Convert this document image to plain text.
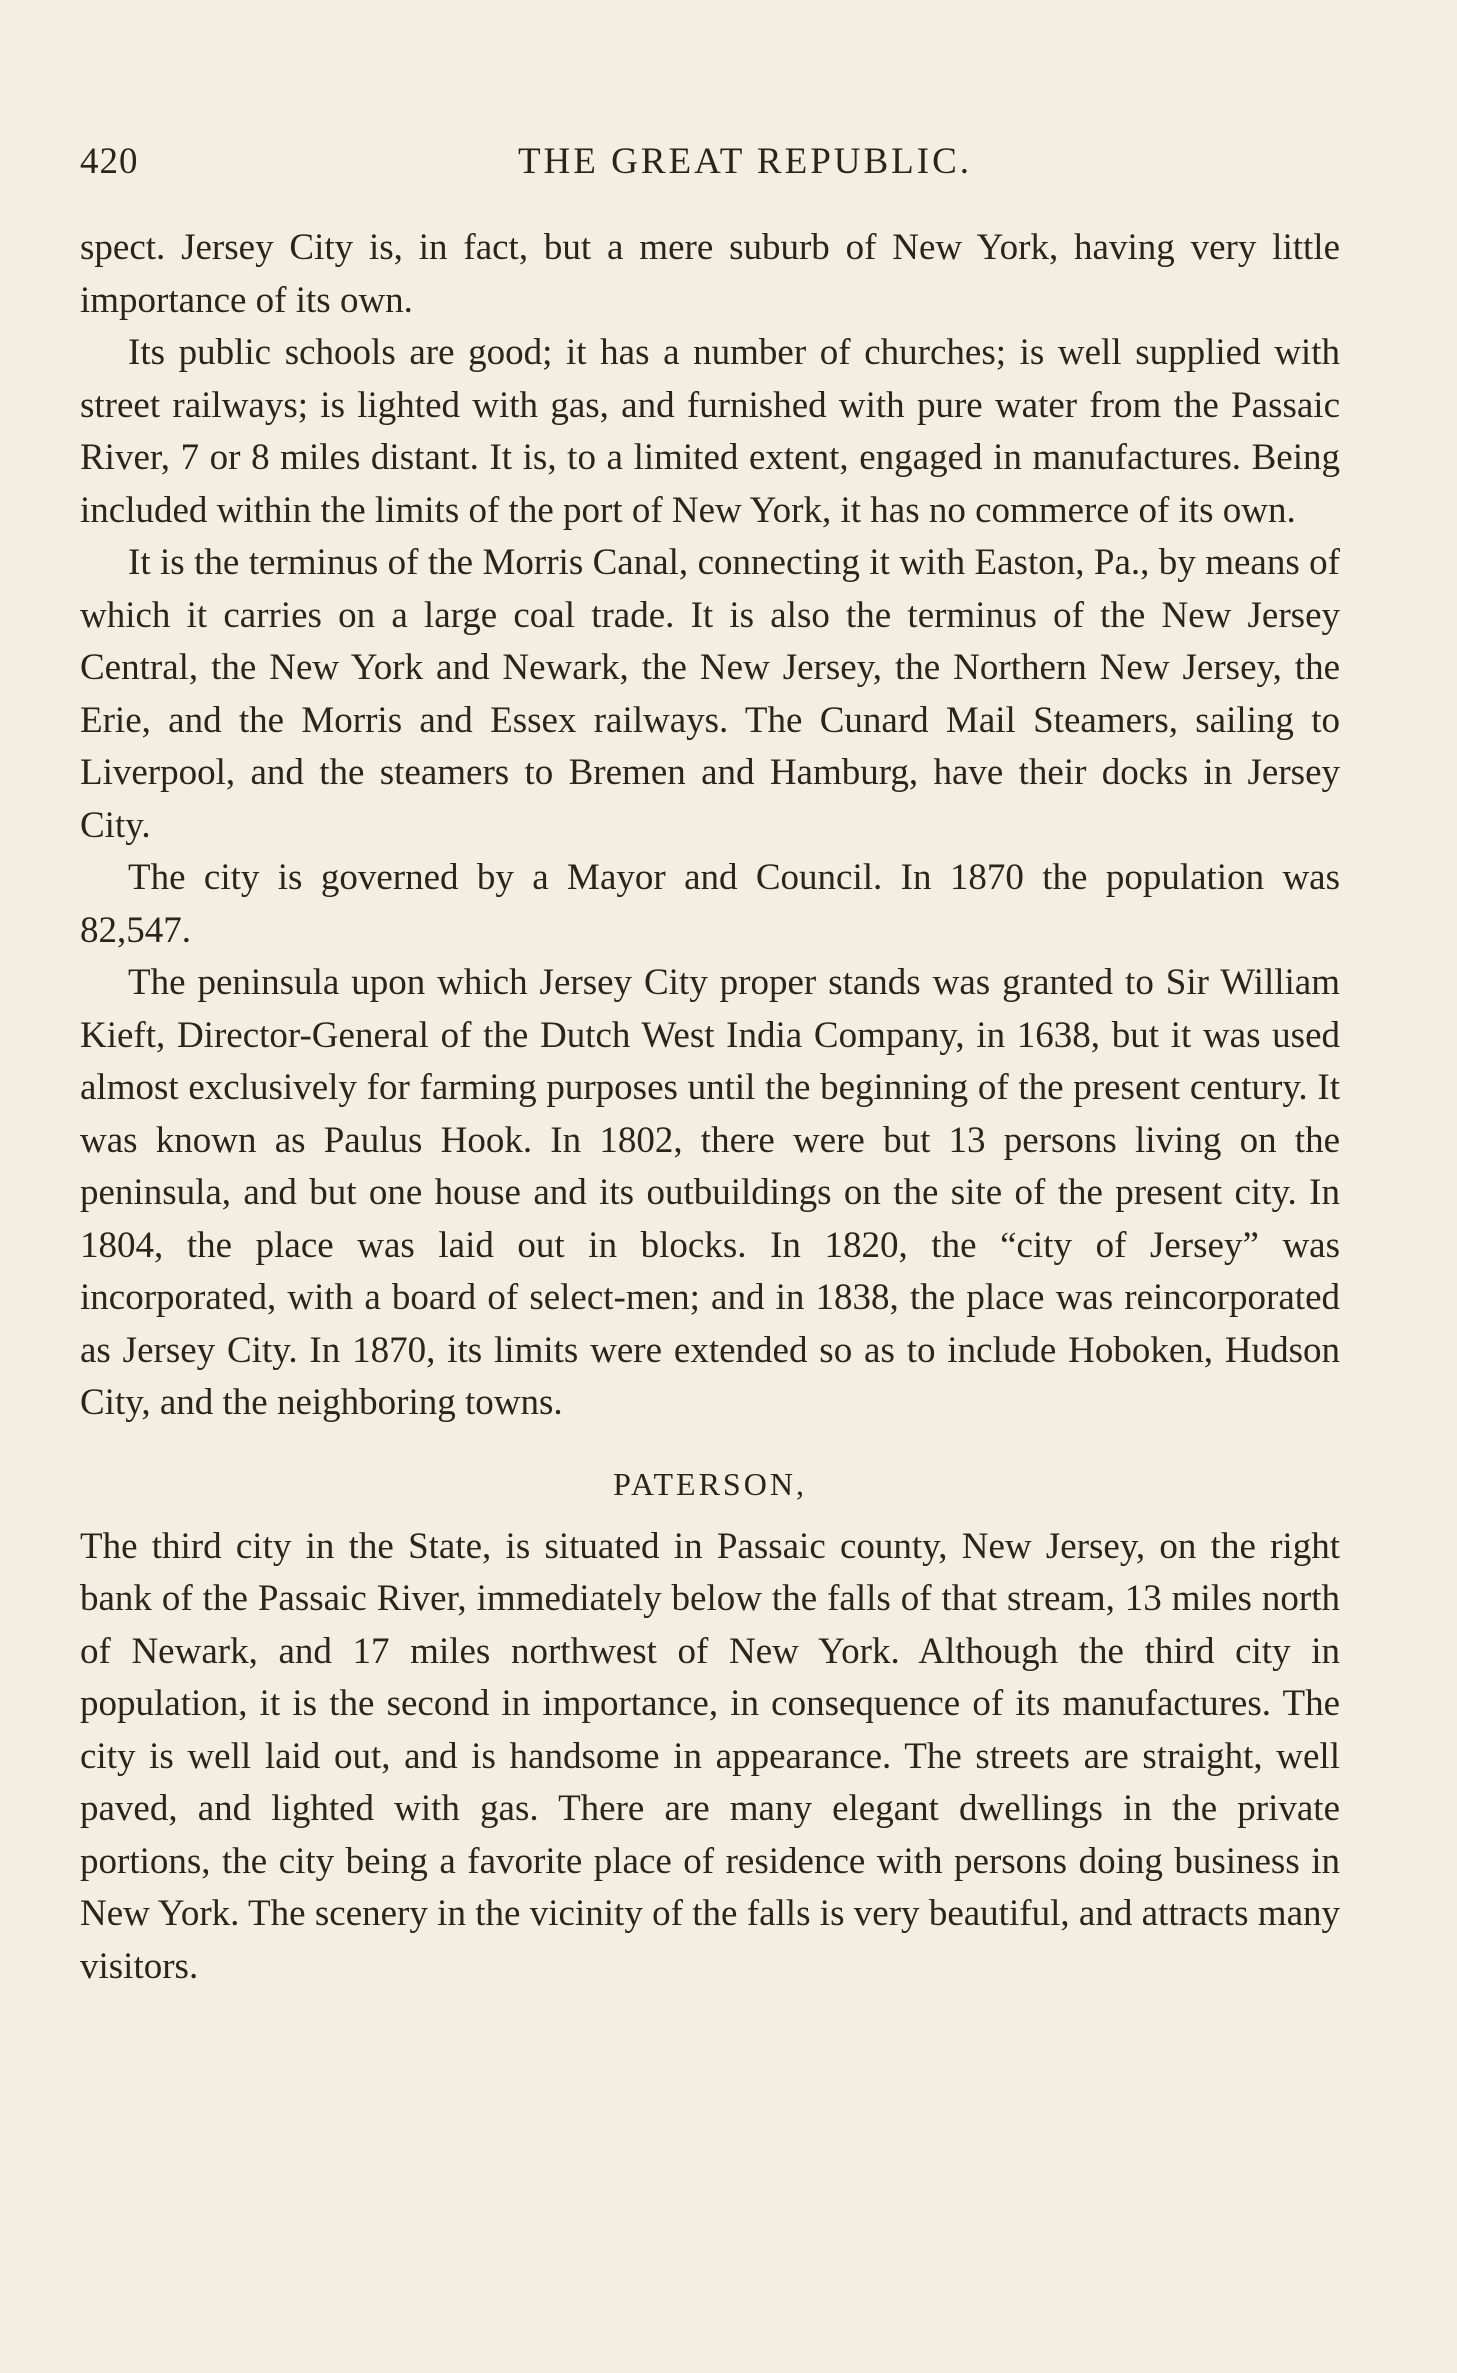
420	THE GREAT REPUBLIC.

spect. Jersey City is, in fact, but a mere suburb of New York, having very little importance of its own.

Its public schools are good; it has a number of churches; is well supplied with street railways; is lighted with gas, and furnished with pure water from the Passaic River, 7 or 8 miles distant. It is, to a limited extent, engaged in manufactures. Being included within the limits of the port of New York, it has no commerce of its own.

It is the terminus of the Morris Canal, connecting it with Easton, Pa., by means of which it carries on a large coal trade. It is also the terminus of the New Jersey Central, the New York and Newark, the New Jersey, the Northern New Jersey, the Erie, and the Morris and Essex railways. The Cunard Mail Steamers, sailing to Liverpool, and the steamers to Bremen and Hamburg, have their docks in Jersey City.

The city is governed by a Mayor and Council. In 1870 the population was 82,547.

The peninsula upon which Jersey City proper stands was granted to Sir William Kieft, Director-General of the Dutch West India Company, in 1638, but it was used almost exclusively for farming purposes until the beginning of the present century. It was known as Paulus Hook. In 1802, there were but 13 persons living on the peninsula, and but one house and its outbuildings on the site of the present city. In 1804, the place was laid out in blocks. In 1820, the “city of Jersey” was incorporated, with a board of select-men; and in 1838, the place was reincorporated as Jersey City. In 1870, its limits were extended so as to include Hoboken, Hudson City, and the neighboring towns.

PATERSON,

The third city in the State, is situated in Passaic county, New Jersey, on the right bank of the Passaic River, immediately below the falls of that stream, 13 miles north of Newark, and 17 miles northwest of New York. Although the third city in population, it is the second in importance, in consequence of its manufactures. The city is well laid out, and is handsome in appearance. The streets are straight, well paved, and lighted with gas. There are many elegant dwellings in the private portions, the city being a favorite place of residence with persons doing business in New York. The scenery in the vicinity of the falls is very beautiful, and attracts many visitors.
